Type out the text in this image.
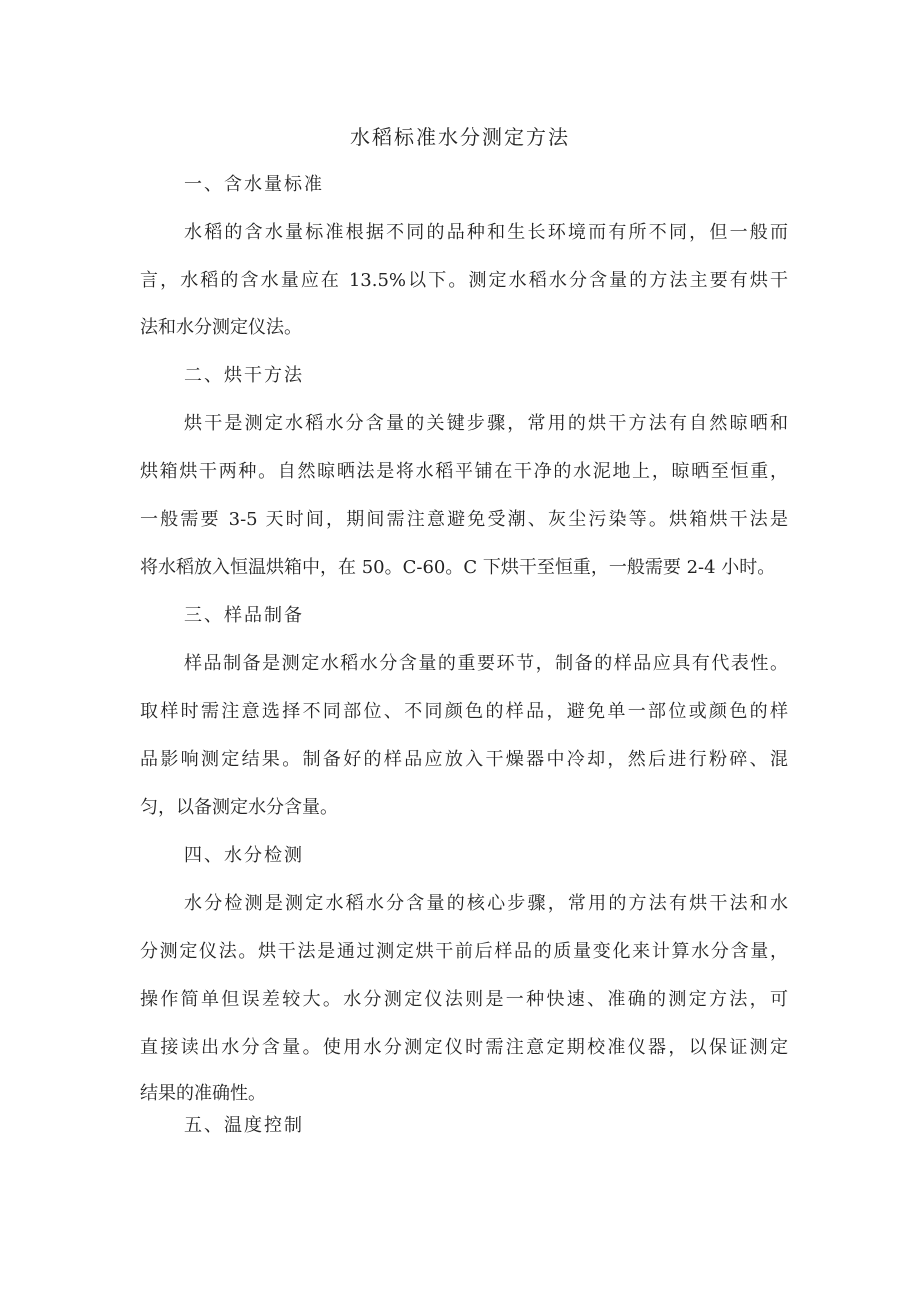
水稻标准水分测定方法
一、含水量标准
水稻的含水量标准根据不同的品种和生长环境而有所不同，但一般而
言，水稻的含水量应在 13.5%以下。测定水稻水分含量的方法主要有烘干
法和水分测定仪法。
二、烘干方法
烘干是测定水稻水分含量的关键步骤，常用的烘干方法有自然晾晒和
烘箱烘干两种。自然晾晒法是将水稻平铺在干净的水泥地上，晾晒至恒重，
一般需要 3-5 天时间，期间需注意避免受潮、灰尘污染等。烘箱烘干法是
将水稻放入恒温烘箱中，在 50。C-60。C 下烘干至恒重，一般需要 2-4 小时。
三、样品制备
样品制备是测定水稻水分含量的重要环节，制备的样品应具有代表性。
取样时需注意选择不同部位、不同颜色的样品，避免单一部位或颜色的样
品影响测定结果。制备好的样品应放入干燥器中冷却，然后进行粉碎、混
匀，以备测定水分含量。
四、水分检测
水分检测是测定水稻水分含量的核心步骤，常用的方法有烘干法和水
分测定仪法。烘干法是通过测定烘干前后样品的质量变化来计算水分含量，
操作简单但误差较大。水分测定仪法则是一种快速、准确的测定方法，可
直接读出水分含量。使用水分测定仪时需注意定期校准仪器，以保证测定
结果的准确性。
五、温度控制
